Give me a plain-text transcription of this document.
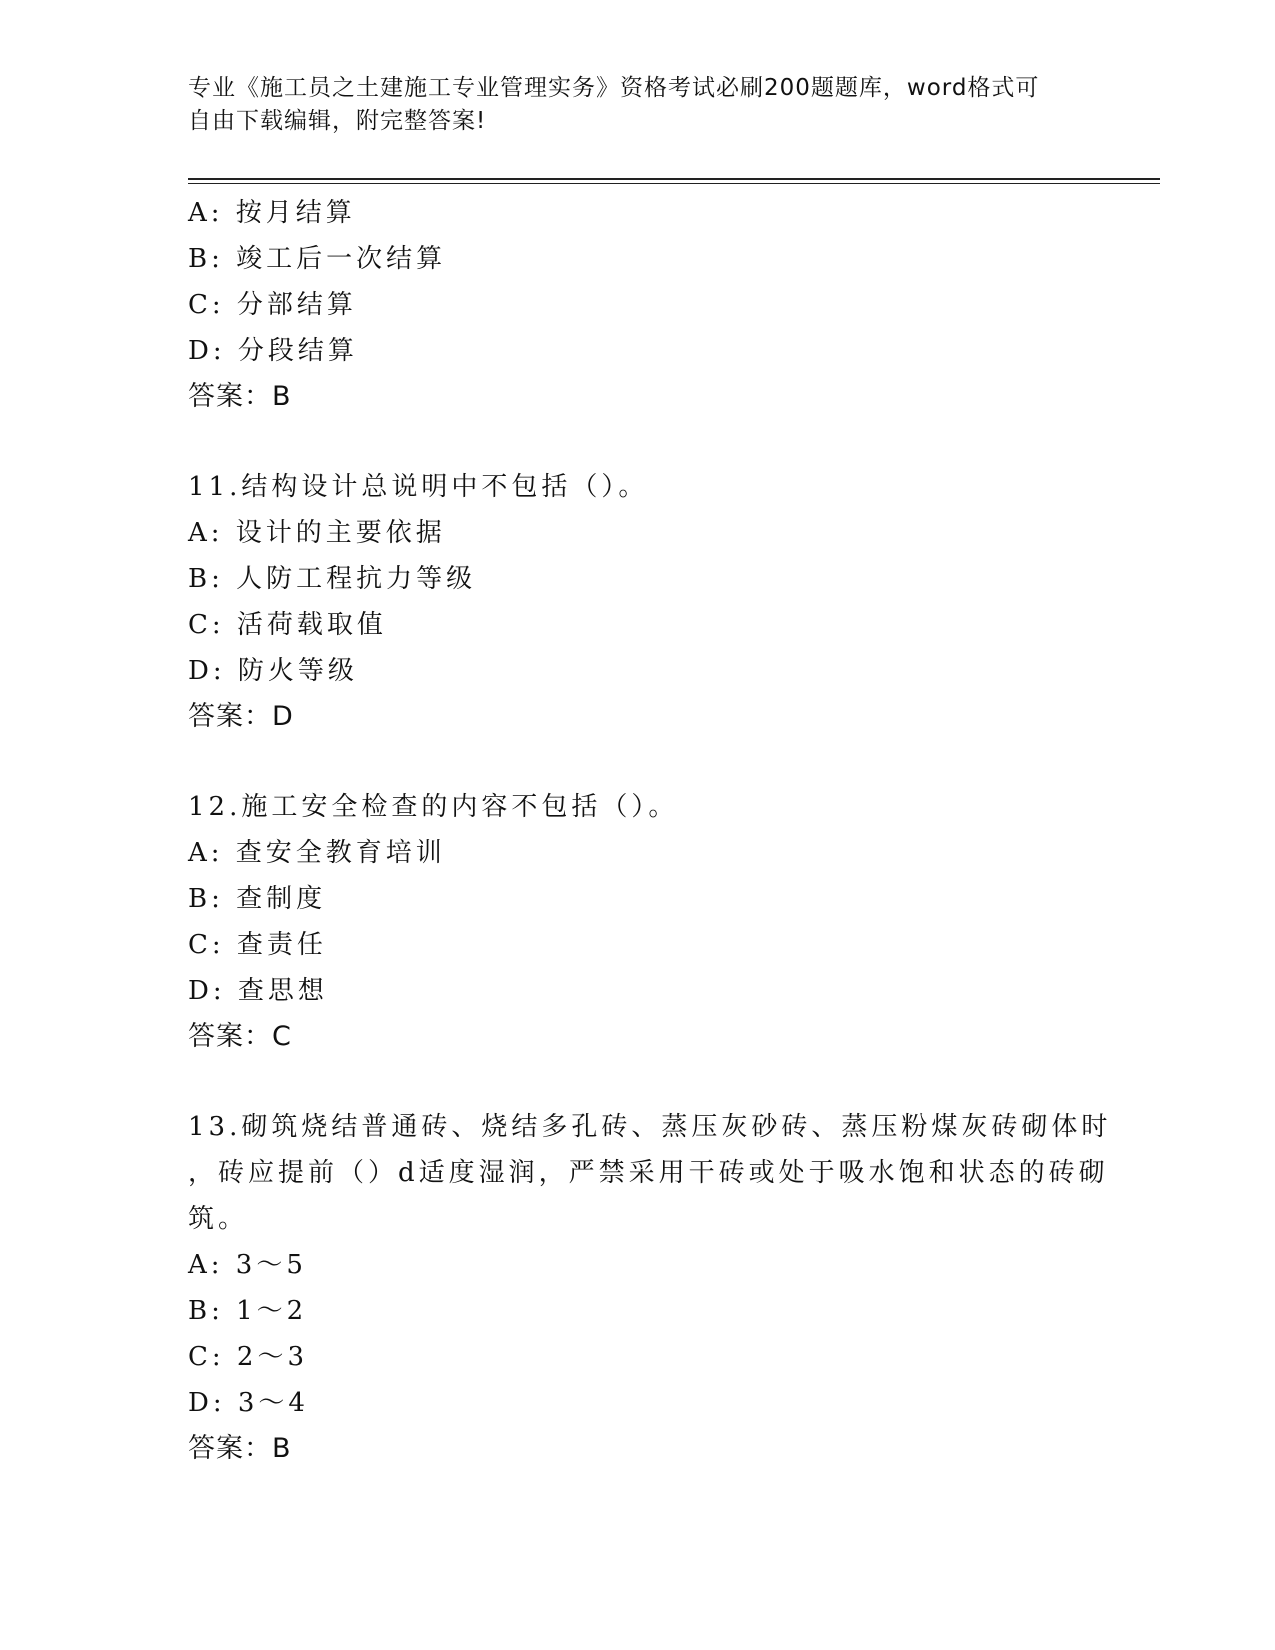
专业《施工员之土建施工专业管理实务》资格考试必刷200题题库，word格式可
自由下载编辑，附完整答案!
A: 按月结算
B: 竣工后一次结算
C: 分部结算
D: 分段结算
答案：B
11.结构设计总说明中不包括（）。
A: 设计的主要依据
B: 人防工程抗力等级
C: 活荷载取值
D: 防火等级
答案：D
12.施工安全检查的内容不包括（）。
A: 查安全教育培训
B: 查制度
C: 查责任
D: 查思想
答案：C
13.砌筑烧结普通砖、烧结多孔砖、蒸压灰砂砖、蒸压粉煤灰砖砌体时
，砖应提前（）d适度湿润，严禁采用干砖或处于吸水饱和状态的砖砌
筑。
A: 3～5
B: 1～2
C: 2～3
D: 3～4
答案：B
